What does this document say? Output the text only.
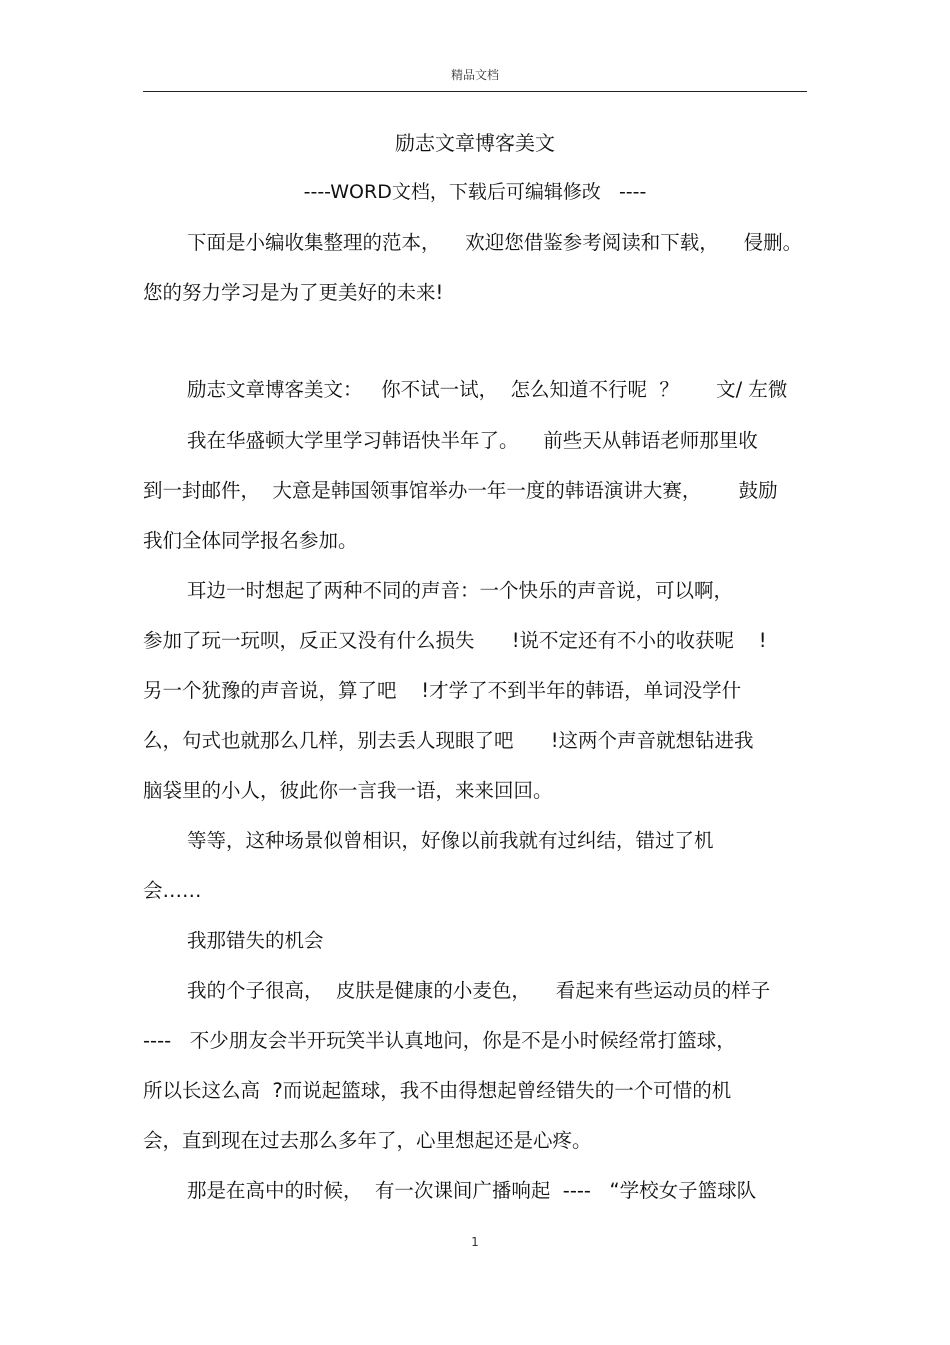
精品文档
励志文章博客美文
----WORD文档，下载后可编辑修改   ----
下面是小编收集整理的范本，    欢迎您借鉴参考阅读和下载，    侵删。
您的努力学习是为了更美好的未来!
励志文章博客美文：   你不试一试，  怎么知道不行呢  ？      文/ 左微
我在华盛顿大学里学习韩语快半年了。    前些天从韩语老师那里收
到一封邮件，  大意是韩国领事馆举办一年一度的韩语演讲大赛，      鼓励
我们全体同学报名参加。
耳边一时想起了两种不同的声音：一个快乐的声音说，可以啊，
参加了玩一玩呗，反正又没有什么损失      !说不定还有不小的收获呢    !
另一个犹豫的声音说，算了吧    !才学了不到半年的韩语，单词没学什
么，句式也就那么几样，别去丢人现眼了吧      !这两个声音就想钻进我
脑袋里的小人，彼此你一言我一语，来来回回。
等等，这种场景似曾相识，好像以前我就有过纠结，错过了机
会……
我那错失的机会
我的个子很高，  皮肤是健康的小麦色，    看起来有些运动员的样子
----   不少朋友会半开玩笑半认真地问，你是不是小时候经常打篮球，
所以长这么高  ?而说起篮球，我不由得想起曾经错失的一个可惜的机
会，直到现在过去那么多年了，心里想起还是心疼。
那是在高中的时候，  有一次课间广播响起  ----   “学校女子篮球队
1
